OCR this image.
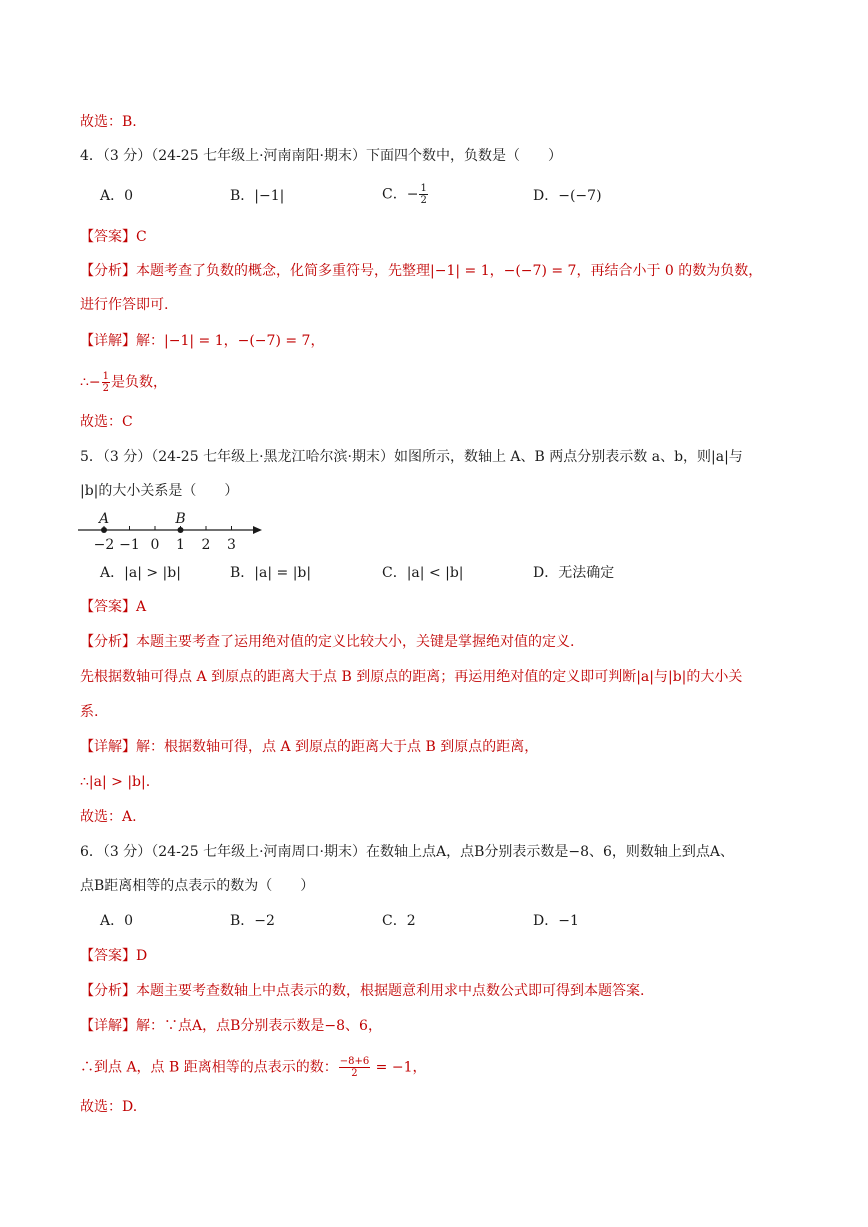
故选：B.
4．（3 分）（24-25 七年级上·河南南阳·期末）下面四个数中，负数是（　　）
A．0	B．|−1|	C．− $\frac{1}{2}$	D．−(−7)
【答案】C
【分析】本题考查了负数的概念，化简多重符号，先整理|−1| = 1，−(−7) = 7，再结合小于 0 的数为负数，
进行作答即可.
【详解】解：|−1| = 1，−(−7) = 7，
∴− $\frac{1}{2}$ 是负数，
故选：C
5．（3 分）（24-25 七年级上·黑龙江哈尔滨·期末）如图所示，数轴上 A、B 两点分别表示数 a、b，则|a|与
|b|的大小关系是（　　）
−2 −1 0 1 2 3
A	B
A．|a| > |b|	B．|a| = |b|	C．|a| < |b|	D．无法确定
【答案】A
【分析】本题主要考查了运用绝对值的定义比较大小，关键是掌握绝对值的定义.
先根据数轴可得点 A 到原点的距离大于点 B 到原点的距离；再运用绝对值的定义即可判断|a|与|b|的大小关
系.
【详解】解：根据数轴可得，点 A 到原点的距离大于点 B 到原点的距离，
∴|a| > |b|.
故选：A.
6．（3 分）（24-25 七年级上·河南周口·期末）在数轴上点A，点B分别表示数是−8、6，则数轴上到点A、
点B距离相等的点表示的数为（　　）
A．0	B．−2	C．2	D．−1
【答案】D
【分析】本题主要考查数轴上中点表示的数，根据题意利用求中点数公式即可得到本题答案.
【详解】解：∵点A，点B分别表示数是−8、6，
∴到点 A，点 B 距离相等的点表示的数： $\frac{-8+6}{2} = -1$，
故选：D.
